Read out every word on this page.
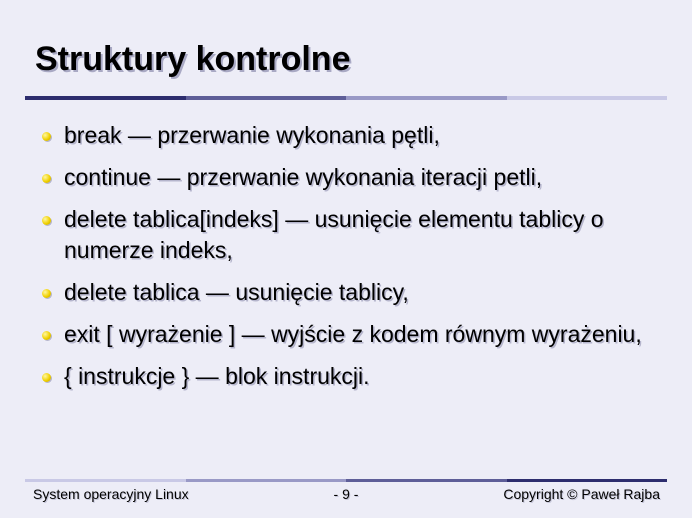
Struktury kontrolne
break — przerwanie wykonania pętli,
continue — przerwanie wykonania iteracji petli,
delete tablica[indeks] — usunięcie elementu tablicy o numerze indeks,
delete tablica — usunięcie tablicy,
exit [ wyrażenie ] — wyjście z kodem równym wyrażeniu,
{ instrukcje } — blok instrukcji.
System operacyjny Linux	- 9 -	Copyright © Paweł Rajba
